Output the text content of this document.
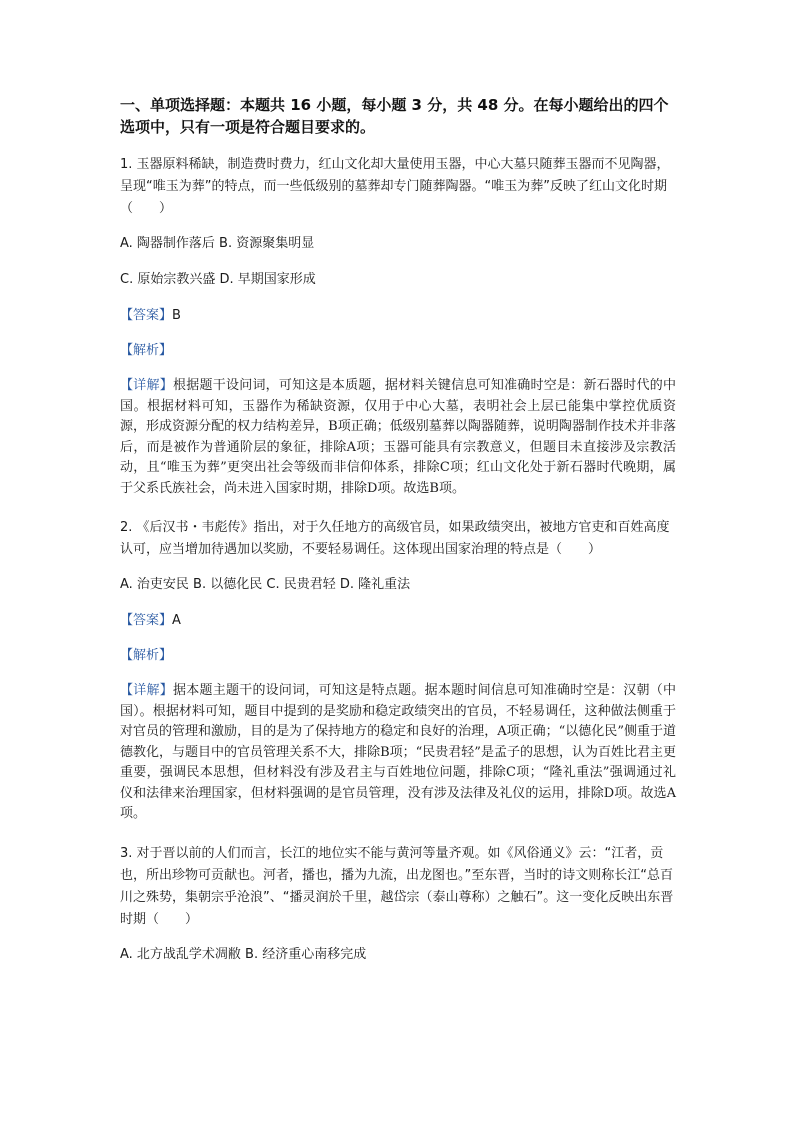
一、单项选择题：本题共 16 小题，每小题 3 分，共 48 分。在每小题给出的四个选项中，只有一项是符合题目要求的。
1. 玉器原料稀缺，制造费时费力，红山文化却大量使用玉器，中心大墓只随葬玉器而不见陶器，呈现“唯玉为葬”的特点，而一些低级别的墓葬却专门随葬陶器。“唯玉为葬”反映了红山文化时期（　　）
A. 陶器制作落后 B. 资源聚集明显
C. 原始宗教兴盛 D. 早期国家形成
【答案】B
【解析】
【详解】根据题干设问词，可知这是本质题，据材料关键信息可知准确时空是：新石器时代的中国。根据材料可知，玉器作为稀缺资源，仅用于中心大墓，表明社会上层已能集中掌控优质资源，形成资源分配的权力结构差异，B项正确；低级别墓葬以陶器随葬，说明陶器制作技术并非落后，而是被作为普通阶层的象征，排除A项；玉器可能具有宗教意义，但题目未直接涉及宗教活动，且“唯玉为葬”更突出社会等级而非信仰体系，排除C项；红山文化处于新石器时代晚期，属于父系氏族社会，尚未进入国家时期，排除D项。故选B项。
2. 《后汉书・韦彪传》指出，对于久任地方的高级官员，如果政绩突出，被地方官吏和百姓高度认可，应当增加待遇加以奖励，不要轻易调任。这体现出国家治理的特点是（　　）
A. 治吏安民 B. 以德化民 C. 民贵君轻 D. 隆礼重法
【答案】A
【解析】
【详解】据本题主题干的设问词，可知这是特点题。据本题时间信息可知准确时空是：汉朝（中国）。根据材料可知，题目中提到的是奖励和稳定政绩突出的官员，不轻易调任，这种做法侧重于对官员的管理和激励，目的是为了保持地方的稳定和良好的治理，A项正确；“以德化民”侧重于道德教化，与题目中的官员管理关系不大，排除B项；“民贵君轻”是孟子的思想，认为百姓比君主更重要，强调民本思想，但材料没有涉及君主与百姓地位问题，排除C项；“隆礼重法”强调通过礼仪和法律来治理国家，但材料强调的是官员管理，没有涉及法律及礼仪的运用，排除D项。故选A项。
3. 对于晋以前的人们而言，长江的地位实不能与黄河等量齐观。如《风俗通义》云：“江者，贡也，所出珍物可贡献也。河者，播也，播为九流，出龙图也。”至东晋，当时的诗文则称长江“总百川之殊势，集朝宗乎沧浪”、“播灵润於千里，越岱宗（泰山尊称）之触石”。这一变化反映出东晋时期（　　）
A. 北方战乱学术凋敝 B. 经济重心南移完成
